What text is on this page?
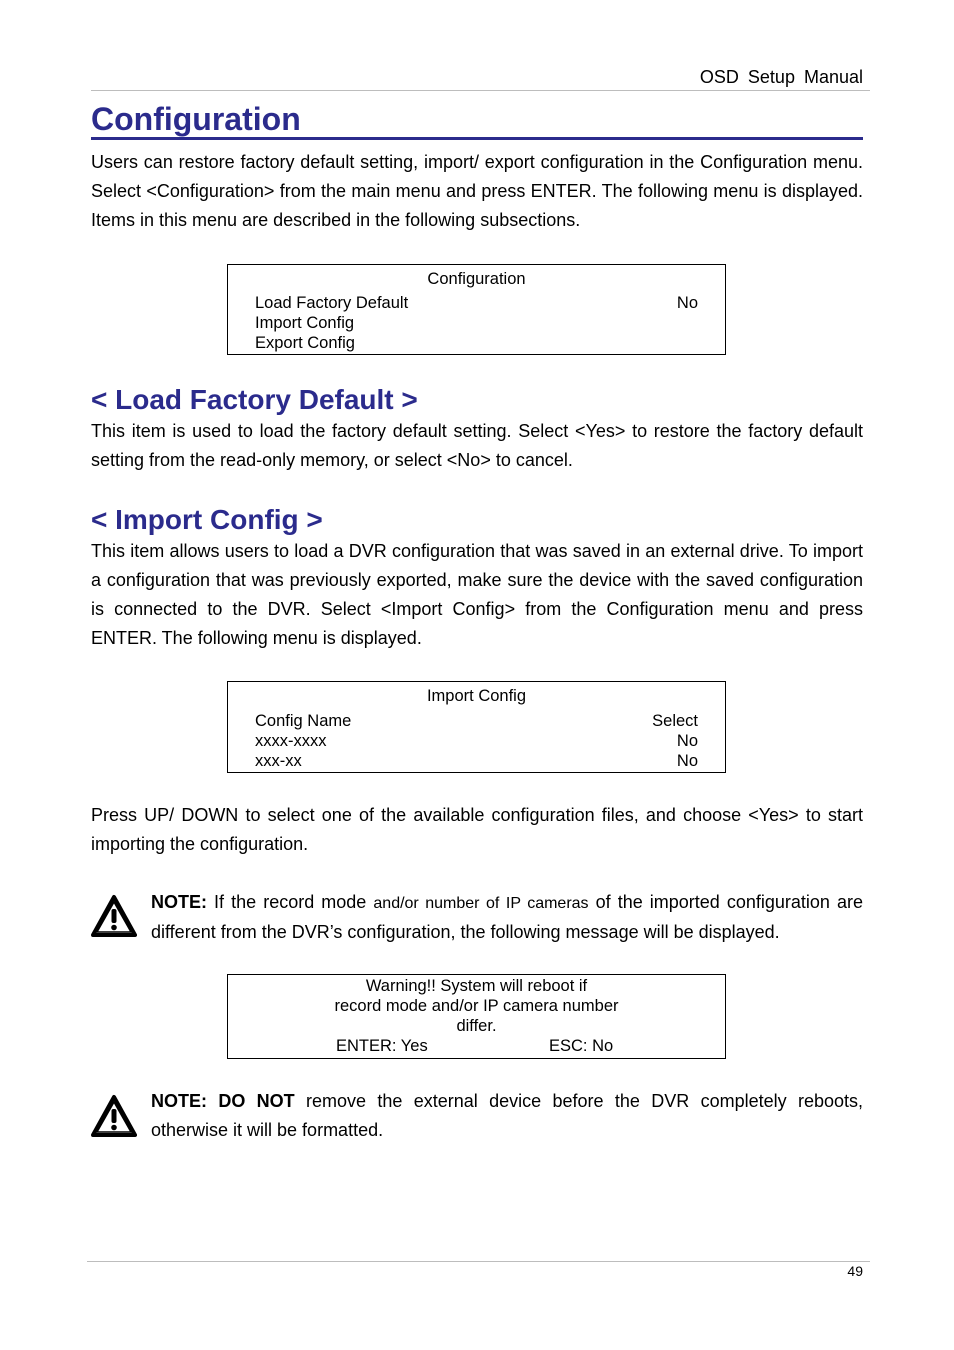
OSD Setup Manual
Configuration
Users can restore factory default setting, import/ export configuration in the Configuration menu. Select <Configuration> from the main menu and press ENTER. The following menu is displayed. Items in this menu are described in the following subsections.
Configuration
Load Factory Default	No
Import Config
Export Config
< Load Factory Default >
This item is used to load the factory default setting. Select <Yes> to restore the factory default setting from the read-only memory, or select <No> to cancel.
< Import Config >
This item allows users to load a DVR configuration that was saved in an external drive. To import a configuration that was previously exported, make sure the device with the saved configuration is connected to the DVR. Select <Import Config> from the Configuration menu and press ENTER. The following menu is displayed.
Import Config
Config Name	Select
xxxx-xxxx	No
xxx-xx	No
Press UP/ DOWN to select one of the available configuration files, and choose <Yes> to start importing the configuration.
NOTE: If the record mode and/or number of IP cameras of the imported configuration are different from the DVR’s configuration, the following message will be displayed.
Warning!! System will reboot if
record mode and/or IP camera number
differ.
ENTER: Yes	ESC: No
NOTE: DO NOT remove the external device before the DVR completely reboots, otherwise it will be formatted.
49
